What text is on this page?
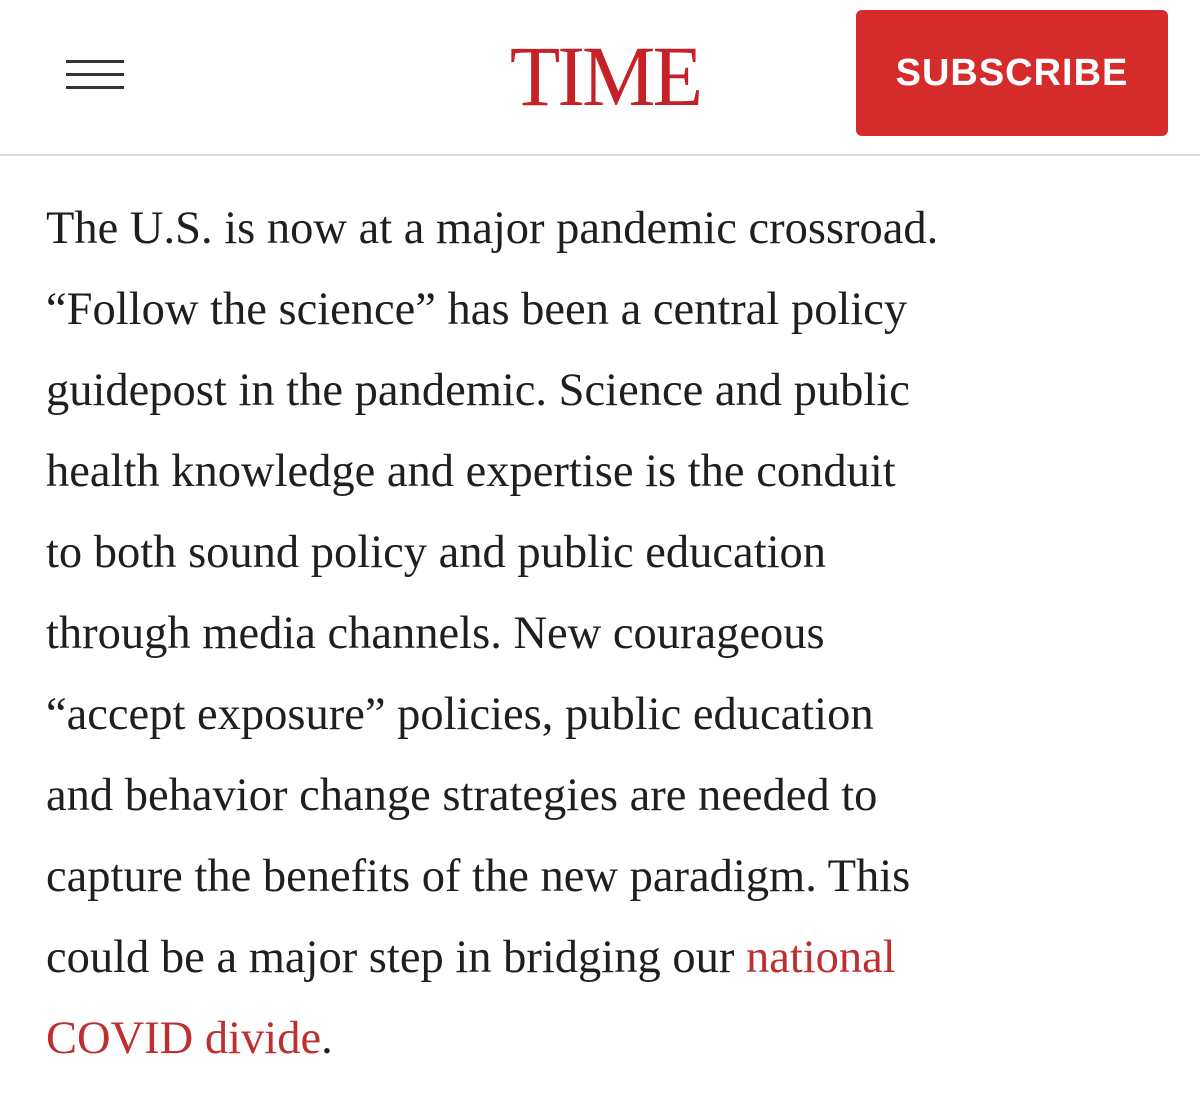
TIME	SUBSCRIBE

The U.S. is now at a major pandemic crossroad.

“Follow the science” has been a central policy

guidepost in the pandemic. Science and public

health knowledge and expertise is the conduit

to both sound policy and public education

through media channels. New courageous

“accept exposure” policies, public education

and behavior change strategies are needed to

capture the benefits of the new paradigm. This

could be a major step in bridging our national

COVID divide.
